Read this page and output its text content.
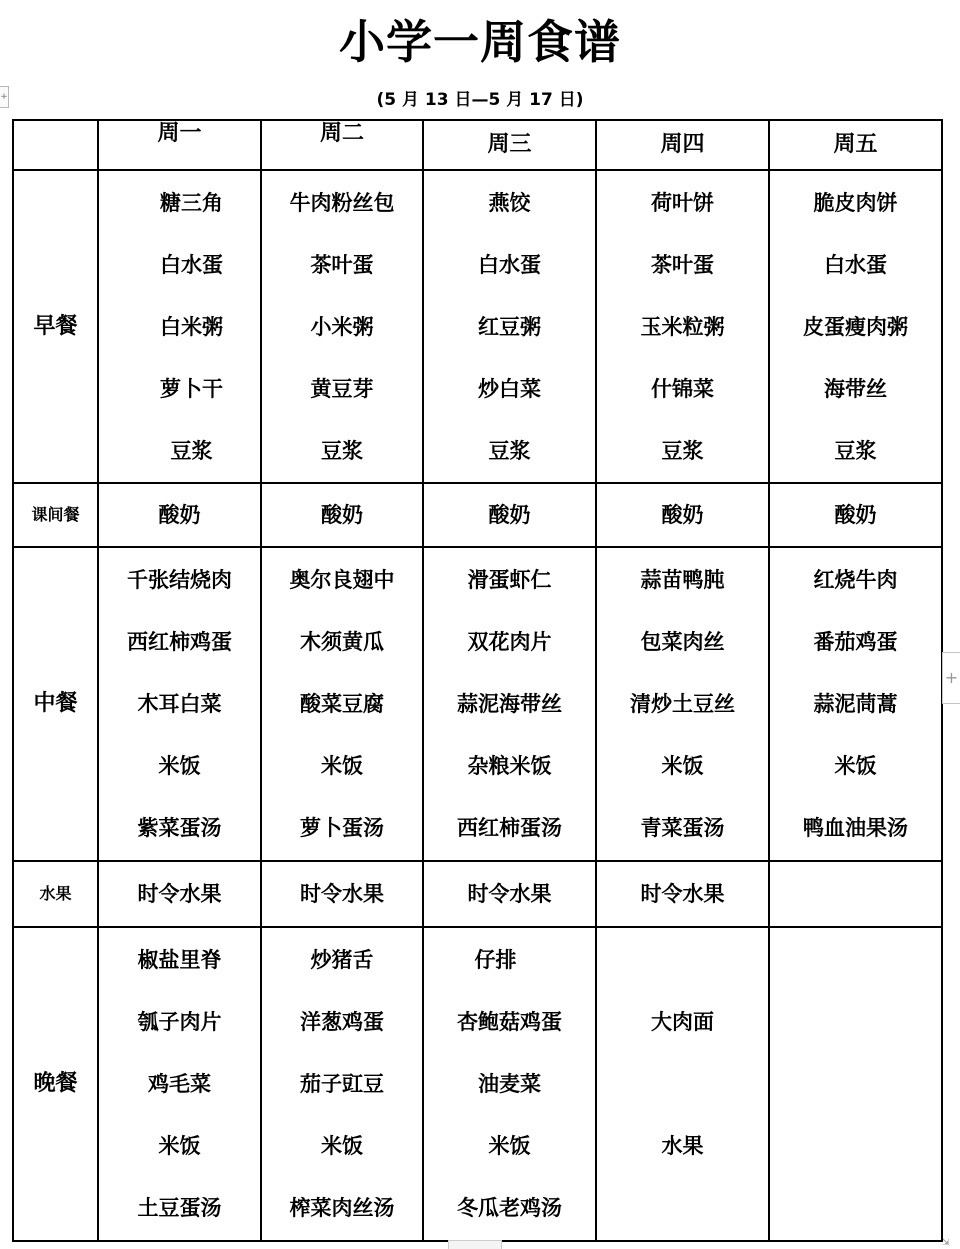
小学一周食谱
(5 月 13 日—5 月 17 日)
+
	周一	周二	周三	周四	周五
早餐	糖三角
白水蛋
白米粥
萝卜干
豆浆	牛肉粉丝包
茶叶蛋
小米粥
黄豆芽
豆浆	燕饺
白水蛋
红豆粥
炒白菜
豆浆	荷叶饼
茶叶蛋
玉米粒粥
什锦菜
豆浆	脆皮肉饼
白水蛋
皮蛋瘦肉粥
海带丝
豆浆

课间餐	酸奶	酸奶	酸奶	酸奶	酸奶
中餐	千张结烧肉
西红柿鸡蛋
木耳白菜
米饭
紫菜蛋汤	奥尔良翅中
木须黄瓜
酸菜豆腐
米饭
萝卜蛋汤	滑蛋虾仁
双花肉片
蒜泥海带丝
杂粮米饭
西红柿蛋汤	蒜苗鸭肫
包菜肉丝
清炒土豆丝
米饭
青菜蛋汤	红烧牛肉
番茄鸡蛋
蒜泥茼蒿
米饭
鸭血油果汤

水果	时令水果	时令水果	时令水果	时令水果	
晚餐	椒盐里脊
瓠子肉片
鸡毛菜
米饭
土豆蛋汤	炒猪舌
洋葱鸡蛋
茄子豇豆
米饭
榨菜肉丝汤	仔排
杏鲍菇鸡蛋
油麦菜
米饭
冬瓜老鸡汤	大肉面
水果	

+
⇲
